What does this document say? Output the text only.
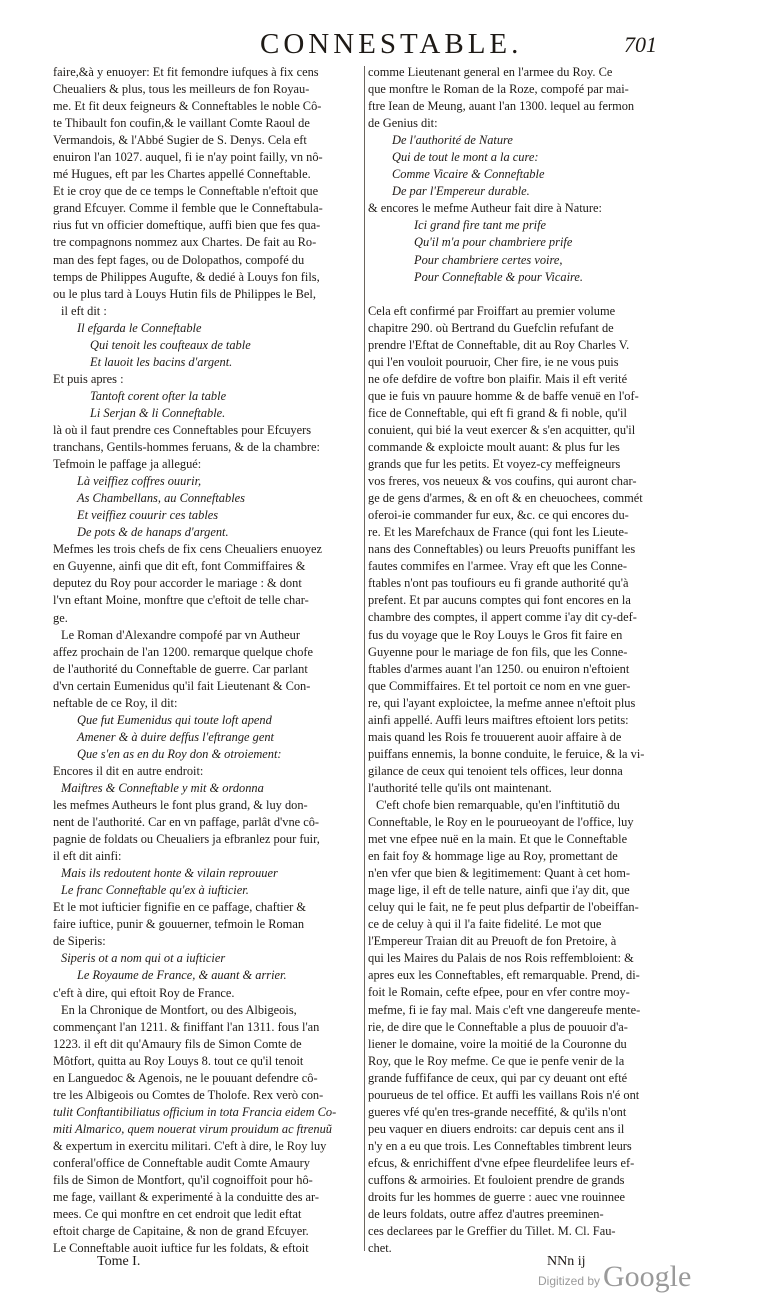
CONNESTABLE.	701
faire,&à y enuoyer: Et fit femondre iufques à fix cens
Cheualiers & plus, tous les meilleurs de fon Royau-
me. Et fit deux feigneurs & Conneftables le noble Cô-
te Thibault fon coufin,& le vaillant Comte Raoul de
Vermandois, & l'Abbé Sugier de S. Denys. Cela eft
enuiron l'an 1027. auquel, fi ie n'ay point failly, vn nô-
mé Hugues, eft par les Chartes appellé Conneftable.
Et ie croy que de ce temps le Conneftable n'eftoit que
grand Efcuyer. Comme il femble que le Conneftabula-
rius fut vn officier domeftique, auffi bien que fes qua-
tre compagnons nommez aux Chartes. De fait au Ro-
man des fept fages, ou de Dolopathos, compofé du
temps de Philippes Augufte, & dedié à Louys fon fils,
ou le plus tard à Louys Hutin fils de Philippes le Bel,
il eft dit :
Il efgarda le Conneftable
Qui tenoit les coufteaux de table
Et lauoit les bacins d'argent.
Et puis apres :
Tantoft corent ofter la table
Li Serjan & li Conneftable.
là où il faut prendre ces Conneftables pour Efcuyers
tranchans, Gentils-hommes feruans, & de la chambre:
Tefmoin le paffage ja allegué:
Là veiffiez coffres ouurir,
As Chambellans, au Conneftables
Et veiffiez couurir ces tables
De pots & de hanaps d'argent.
Mefmes les trois chefs de fix cens Cheualiers enuoyez
en Guyenne, ainfi que dit eft, font Commiffaires &
deputez du Roy pour accorder le mariage : & dont
l'vn eftant Moine, monftre que c'eftoit de telle char-
ge.
Le Roman d'Alexandre compofé par vn Autheur
affez prochain de l'an 1200. remarque quelque chofe
de l'authorité du Conneftable de guerre. Car parlant
d'vn certain Eumenidus qu'il fait Lieutenant & Con-
neftable de ce Roy, il dit:
Que fut Eumenidus qui toute loft apend
Amener & à duire deffus l'eftrange gent
Que s'en as en du Roy don & otroiement:
Encores il dit en autre endroit:
Maiftres & Conneftable y mit & ordonna
les mefmes Autheurs le font plus grand, & luy don-
nent de l'authorité. Car en vn paffage, parlât d'vne cô-
pagnie de foldats ou Cheualiers ja efbranlez pour fuir,
il eft dit ainfi:
Mais ils redoutent honte & vilain reprouuer
Le franc Conneftable qu'ex à iufticier.
Et le mot iufticier fignifie en ce paffage, chaftier &
faire iuftice, punir & gouuerner, tefmoin le Roman
de Siperis:
Siperis ot a nom qui ot a iufticier
Le Royaume de France, & auant & arrier.
c'eft à dire, qui eftoit Roy de France.
En la Chronique de Montfort, ou des Albigeois,
commençant l'an 1211. & finiffant l'an 1311. fous l'an
1223. il eft dit qu'Amaury fils de Simon Comte de
Môtfort, quitta au Roy Louys 8. tout ce qu'il tenoit
en Languedoc & Agenois, ne le pouuant defendre cô-
tre les Albigeois ou Comtes de Tholofe. Rex verò con-
tulit Conftantibiliatus officium in tota Francia eidem Co-
miti Almarico, quem nouerat virum prouidum ac ftrenuũ
& expertum in exercitu militari. C'eft à dire, le Roy luy
conferal'office de Conneftable audit Comte Amaury
fils de Simon de Montfort, qu'il cognoiffoit pour hô-
me fage, vaillant & experimenté à la conduitte des ar-
mees. Ce qui monftre en cet endroit que ledit eftat
eftoit charge de Capitaine, & non de grand Efcuyer.
Le Conneftable auoit iuftice fur les foldats, & eftoit
comme Lieutenant general en l'armee du Roy. Ce
que monftre le Roman de la Roze, compofé par mai-
ftre Iean de Meung, auant l'an 1300. lequel au fermon
de Genius dit:
De l'authorité de Nature
Qui de tout le mont a la cure:
Comme Vicaire & Conneftable
De par l'Empereur durable.
& encores le mefme Autheur fait dire à Nature:
Ici grand fire tant me prife
Qu'il m'a pour chambriere prife
Pour chambriere certes voire,
Pour Conneftable & pour Vicaire.
Cela eft confirmé par Froiffart au premier volume
chapitre 290. où Bertrand du Guefclin refufant de
prendre l'Eftat de Conneftable, dit au Roy Charles V.
qui l'en vouloit pouruoir, Cher fire, ie ne vous puis
ne ofe defdire de voftre bon plaifir. Mais il eft verité
que ie fuis vn pauure homme & de baffe venuë en l'of-
fice de Conneftable, qui eft fi grand & fi noble, qu'il
conuient, qui bié la veut exercer & s'en acquitter, qu'il
commande & exploicte moult auant: & plus fur les
grands que fur les petits. Et voyez-cy meffeigneurs
vos freres, vos neueux & vos coufins, qui auront char-
ge de gens d'armes, & en oft & en cheuochees, commét
oferoi-ie commander fur eux, &c. ce qui encores du-
re. Et les Marefchaux de France (qui font les Lieute-
nans des Conneftables) ou leurs Preuofts puniffant les
fautes commifes en l'armee. Vray eft que les Conne-
ftables n'ont pas toufiours eu fi grande authorité qu'à
prefent. Et par aucuns comptes qui font encores en la
chambre des comptes, il appert comme i'ay dit cy-def-
fus du voyage que le Roy Louys le Gros fit faire en
Guyenne pour le mariage de fon fils, que les Conne-
ftables d'armes auant l'an 1250. ou enuiron n'eftoient
que Commiffaires. Et tel portoit ce nom en vne guer-
re, qui l'ayant exploictee, la mefme annee n'eftoit plus
ainfi appellé. Auffi leurs maiftres eftoient lors petits:
mais quand les Rois fe trouuerent auoir affaire à de
puiffans ennemis, la bonne conduite, le feruice, & la vi-
gilance de ceux qui tenoient tels offices, leur donna
l'authorité telle qu'ils ont maintenant.
C'eft chofe bien remarquable, qu'en l'inftitutiõ du
Conneftable, le Roy en le pourueoyant de l'office, luy
met vne efpee nuë en la main. Et que le Conneftable
en fait foy & hommage lige au Roy, promettant de
n'en vfer que bien & legitimement: Quant à cet hom-
mage lige, il eft de telle nature, ainfi que i'ay dit, que
celuy qui le fait, ne fe peut plus defpartir de l'obeiffan-
ce de celuy à qui il l'a faite fidelité. Le mot que
l'Empereur Traian dit au Preuoft de fon Pretoire, à
qui les Maires du Palais de nos Rois reffembloient: &
apres eux les Conneftables, eft remarquable. Prend, di-
foit le Romain, cefte efpee, pour en vfer contre moy-
mefme, fi ie fay mal. Mais c'eft vne dangereufe mente-
rie, de dire que le Conneftable a plus de pouuoir d'a-
liener le domaine, voire la moitié de la Couronne du
Roy, que le Roy mefme. Ce que ie penfe venir de la
grande fuffifance de ceux, qui par cy deuant ont efté
pourueus de tel office. Et auffi les vaillans Rois n'é ont
gueres vfé qu'en tres-grande neceffité, & qu'ils n'ont
peu vaquer en diuers endroits: car depuis cent ans il
n'y en a eu que trois. Les Conneftables timbrent leurs
efcus, & enrichiffent d'vne efpee fleurdelifee leurs ef-
cuffons & armoiries. Et fouloient prendre de grands
droits fur les hommes de guerre : auec vne rouinnee
de leurs foldats, outre affez d'autres preeminen-
ces declarees par le Greffier du Tillet. M. Cl. Fau-
chet.
Tome I.	NNn ij
Digitized by Google
